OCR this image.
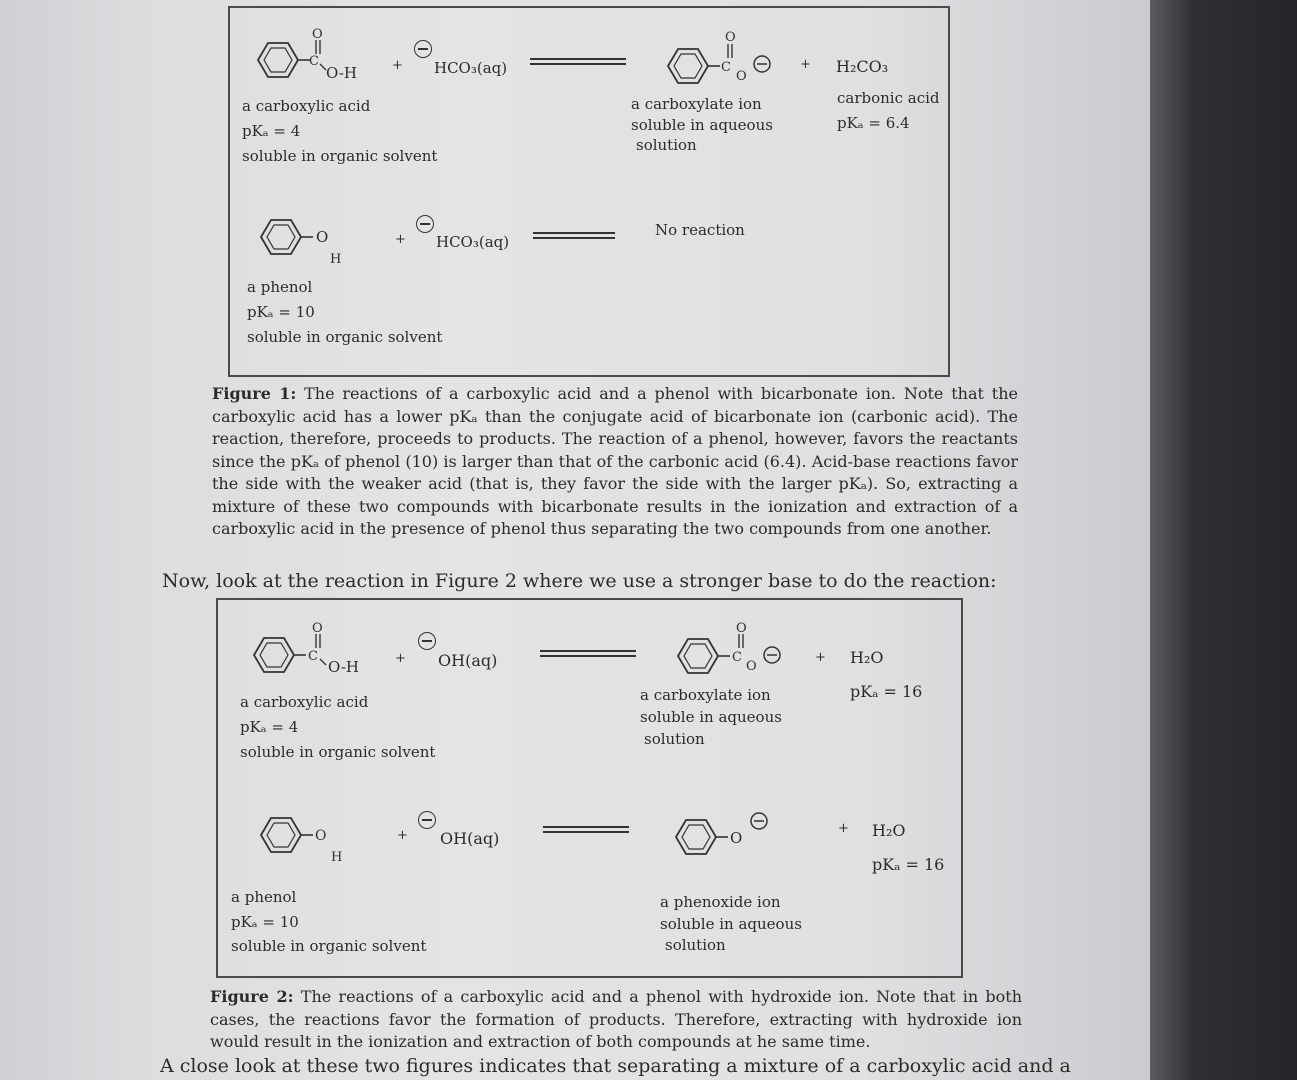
O
C
O-H	+ HCO₃(aq)
O
C
O
+ H₂CO₃
a carboxylic acid
pKₐ = 4
soluble in organic solvent
a carboxylate ion
soluble in aqueous
solution
carbonic acid
pKₐ = 6.4
O
H
+ HCO₃(aq)
No reaction
a phenol
pKₐ = 10
soluble in organic solvent
Figure 1: The reactions of a carboxylic acid and a phenol with bicarbonate ion. Note that the carboxylic acid has a lower pKₐ than the conjugate acid of bicarbonate ion (carbonic acid). The reaction, therefore, proceeds to products. The reaction of a phenol, however, favors the reactants since the pKₐ of phenol (10) is larger than that of the carbonic acid (6.4). Acid-base reactions favor the side with the weaker acid (that is, they favor the side with the larger pKₐ). So, extracting a mixture of these two compounds with bicarbonate results in the ionization and extraction of a carboxylic acid in the presence of phenol thus separating the two compounds from one another.
Now, look at the reaction in Figure 2 where we use a stronger base to do the reaction:
O
C
O-H	+ OH(aq)
O
C
O
+ H₂O
pKₐ = 16
a carboxylic acid
pKₐ = 4
soluble in organic solvent
a carboxylate ion
soluble in aqueous
solution
O
H
+ OH(aq)	O
+ H₂O
pKₐ = 16
a phenol
pKₐ = 10
soluble in organic solvent
a phenoxide ion
soluble in aqueous
solution
Figure 2: The reactions of a carboxylic acid and a phenol with hydroxide ion. Note that in both cases, the reactions favor the formation of products. Therefore, extracting with hydroxide ion would result in the ionization and extraction of both compounds at he same time.
A close look at these two figures indicates that separating a mixture of a carboxylic acid and a
